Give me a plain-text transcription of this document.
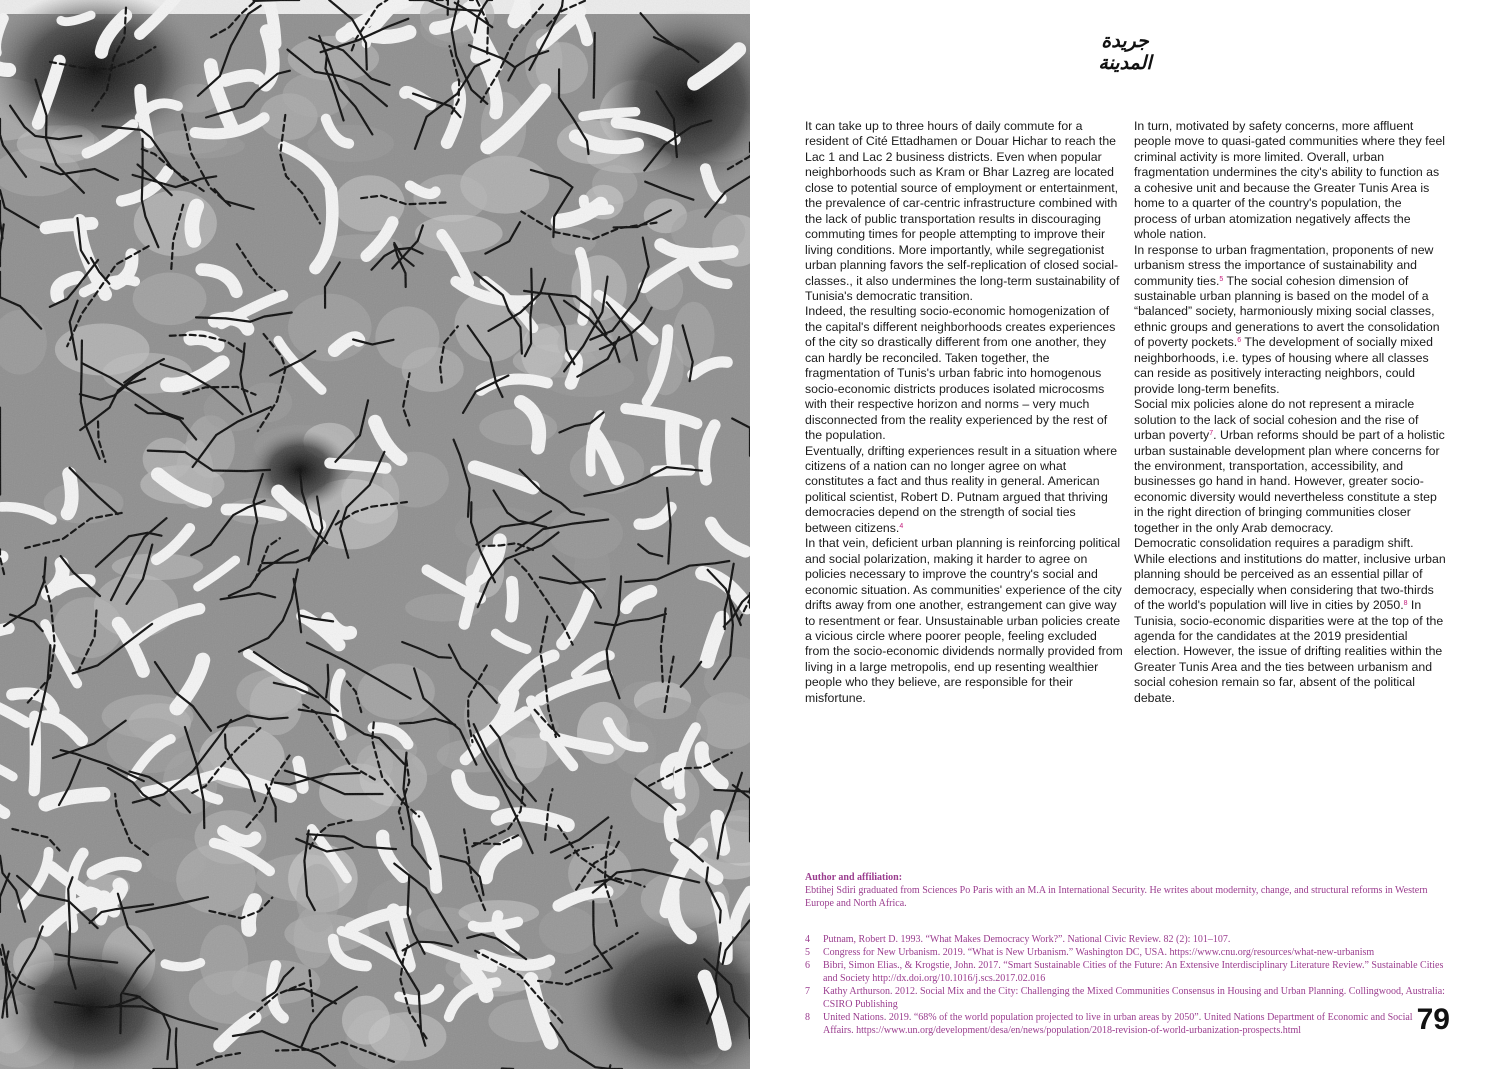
جريدة المدينة

It can take up to three hours of daily commute for a resident of Cité Ettadhamen or Douar Hichar to reach the Lac 1 and Lac 2 business districts. Even when popular neighborhoods such as Kram or Bhar Lazreg are located close to potential source of employment or entertainment, the prevalence of car-centric infrastructure combined with the lack of public transportation results in discouraging commuting times for people attempting to improve their living conditions. More importantly, while segregationist urban planning favors the self-replication of closed social-classes., it also undermines the long-term sustainability of Tunisia's democratic transition.

Indeed, the resulting socio-economic homogenization of the capital's different neighborhoods creates experiences of the city so drastically different from one another, they can hardly be reconciled. Taken together, the fragmentation of Tunis's urban fabric into homogenous socio-economic districts produces isolated microcosms with their respective horizon and norms – very much disconnected from the reality experienced by the rest of the population.

Eventually, drifting experiences result in a situation where citizens of a nation can no longer agree on what constitutes a fact and thus reality in general. American political scientist, Robert D. Putnam argued that thriving democracies depend on the strength of social ties between citizens.$^4$

In that vein, deficient urban planning is reinforcing political and social polarization, making it harder to agree on policies necessary to improve the country's social and economic situation. As communities' experience of the city drifts away from one another, estrangement can give way to resentment or fear. Unsustainable urban policies create a vicious circle where poorer people, feeling excluded from the socio-economic dividends normally provided from living in a large metropolis, end up resenting wealthier people who they believe, are responsible for their misfortune.

In turn, motivated by safety concerns, more affluent people move to quasi-gated communities where they feel criminal activity is more limited. Overall, urban fragmentation undermines the city's ability to function as a cohesive unit and because the Greater Tunis Area is home to a quarter of the country's population, the process of urban atomization negatively affects the whole nation.

In response to urban fragmentation, proponents of new urbanism stress the importance of sustainability and community ties.$^5$ The social cohesion dimension of sustainable urban planning is based on the model of a “balanced” society, harmoniously mixing social classes, ethnic groups and generations to avert the consolidation of poverty pockets.$^6$ The development of socially mixed neighborhoods, i.e. types of housing where all classes can reside as positively interacting neighbors, could provide long-term benefits.

Social mix policies alone do not represent a miracle solution to the lack of social cohesion and the rise of urban poverty$^7$. Urban reforms should be part of a holistic urban sustainable development plan where concerns for the environment, transportation, accessibility, and businesses go hand in hand. However, greater socio-economic diversity would nevertheless constitute a step in the right direction of bringing communities closer together in the only Arab democracy.

Democratic consolidation requires a paradigm shift. While elections and institutions do matter, inclusive urban planning should be perceived as an essential pillar of democracy, especially when considering that two-thirds of the world's population will live in cities by 2050.$^8$ In Tunisia, socio-economic disparities were at the top of the agenda for the candidates at the 2019 presidential election. However, the issue of drifting realities within the Greater Tunis Area and the ties between urbanism and social cohesion remain so far, absent of the political debate.

Author and affiliation:
Ebtihej Sdiri graduated from Sciences Po Paris with an M.A in International Security. He writes about modernity, change, and structural reforms in Western Europe and North Africa.
4	Putnam, Robert D. 1993. “What Makes Democracy Work?”. National Civic Review. 82 (2): 101–107.
5	Congress for New Urbanism. 2019. “What is New Urbanism.” Washington DC, USA. https://www.cnu.org/resources/what-new-urbanism
6	Bibri, Simon Elias., & Krogstie, John. 2017. “Smart Sustainable Cities of the Future: An Extensive Interdisciplinary Literature Review.” Sustainable Cities and Society http://dx.doi.org/10.1016/j.scs.2017.02.016
7	Kathy Arthurson. 2012. Social Mix and the City: Challenging the Mixed Communities Consensus in Housing and Urban Planning. Collingwood, Australia: CSIRO Publishing
8	United Nations. 2019. “68% of the world population projected to live in urban areas by 2050”. United Nations Department of Economic and Social Affairs. https://www.un.org/development/desa/en/news/population/2018-revision-of-world-urbanization-prospects.html	79
